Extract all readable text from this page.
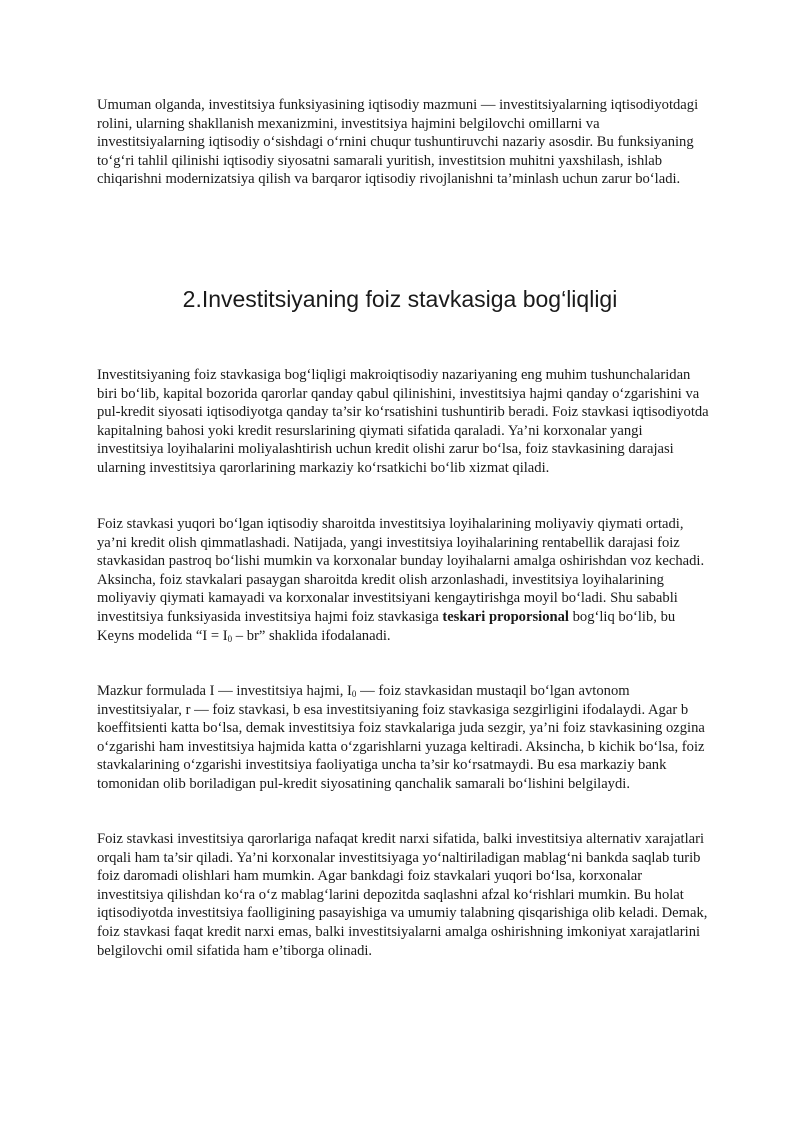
Umuman olganda, investitsiya funksiyasining iqtisodiy mazmuni — investitsiyalarning iqtisodiyotdagi rolini, ularning shakllanish mexanizmini, investitsiya hajmini belgilovchi omillarni va investitsiyalarning iqtisodiy o‘sishdagi o‘rnini chuqur tushuntiruvchi nazariy asosdir. Bu funksiyaning to‘g‘ri tahlil qilinishi iqtisodiy siyosatni samarali yuritish, investitsion muhitni yaxshilash, ishlab chiqarishni modernizatsiya qilish va barqaror iqtisodiy rivojlanishni ta’minlash uchun zarur bo‘ladi.

2.Investitsiyaning foiz stavkasiga bog‘liqligi

Investitsiyaning foiz stavkasiga bog‘liqligi makroiqtisodiy nazariyaning eng muhim tushunchalaridan biri bo‘lib, kapital bozorida qarorlar qanday qabul qilinishini, investitsiya hajmi qanday o‘zgarishini va pul-kredit siyosati iqtisodiyotga qanday ta’sir ko‘rsatishini tushuntirib beradi. Foiz stavkasi iqtisodiyotda kapitalning bahosi yoki kredit resurslarining qiymati sifatida qaraladi. Ya’ni korxonalar yangi investitsiya loyihalarini moliyalashtirish uchun kredit olishi zarur bo‘lsa, foiz stavkasining darajasi ularning investitsiya qarorlarining markaziy ko‘rsatkichi bo‘lib xizmat qiladi.

Foiz stavkasi yuqori bo‘lgan iqtisodiy sharoitda investitsiya loyihalarining moliyaviy qiymati ortadi, ya’ni kredit olish qimmatlashadi. Natijada, yangi investitsiya loyihalarining rentabellik darajasi foiz stavkasidan pastroq bo‘lishi mumkin va korxonalar bunday loyihalarni amalga oshirishdan voz kechadi. Aksincha, foiz stavkalari pasaygan sharoitda kredit olish arzonlashadi, investitsiya loyihalarining moliyaviy qiymati kamayadi va korxonalar investitsiyani kengaytirishga moyil bo‘ladi. Shu sababli investitsiya funksiyasida investitsiya hajmi foiz stavkasiga teskari proporsional bog‘liq bo‘lib, bu Keyns modelida “$I = I_0$ – br” shaklida ifodalanadi.

Mazkur formulada I — investitsiya hajmi, $I_0$ — foiz stavkasidan mustaqil bo‘lgan avtonom investitsiyalar, r — foiz stavkasi, b esa investitsiyaning foiz stavkasiga sezgirligini ifodalaydi. Agar b koeffitsienti katta bo‘lsa, demak investitsiya foiz stavkalariga juda sezgir, ya’ni foiz stavkasining ozgina o‘zgarishi ham investitsiya hajmida katta o‘zgarishlarni yuzaga keltiradi. Aksincha, b kichik bo‘lsa, foiz stavkalarining o‘zgarishi investitsiya faoliyatiga uncha ta’sir ko‘rsatmaydi. Bu esa markaziy bank tomonidan olib boriladigan pul-kredit siyosatining qanchalik samarali bo‘lishini belgilaydi.

Foiz stavkasi investitsiya qarorlariga nafaqat kredit narxi sifatida, balki investitsiya alternativ xarajatlari orqali ham ta’sir qiladi. Ya’ni korxonalar investitsiyaga yo‘naltiriladigan mablag‘ni bankda saqlab turib foiz daromadi olishlari ham mumkin. Agar bankdagi foiz stavkalari yuqori bo‘lsa, korxonalar investitsiya qilishdan ko‘ra o‘z mablag‘larini depozitda saqlashni afzal ko‘rishlari mumkin. Bu holat iqtisodiyotda investitsiya faolligining pasayishiga va umumiy talabning qisqarishiga olib keladi. Demak, foiz stavkasi faqat kredit narxi emas, balki investitsiyalarni amalga oshirishning imkoniyat xarajatlarini belgilovchi omil sifatida ham e’tiborga olinadi.
